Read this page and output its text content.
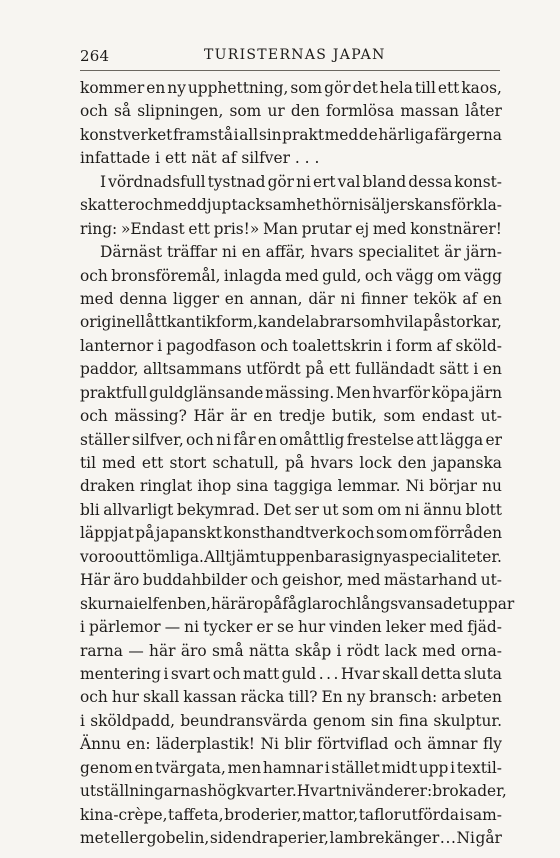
264	TURISTERNAS JAPAN
kommer en ny upphettning, som gör det hela till ett kaos,
och så slipningen, som ur den formlösa massan låter
konstverket framstå i all sin prakt med de härliga färgerna
infattade
i
ett
nät
af
silfver
.
.
.
I vördnadsfull tystnad gör ni ert val bland dessa konst-
skatter och med djup tacksamhet hör ni säljerskans förkla-
ring: »Endast ett pris!» Man prutar ej med konstnärer!
Därnäst träffar ni en affär, hvars specialitet är järn-
och bronsföremål, inlagda med guld, och vägg om vägg
med denna ligger en annan, där ni finner tekök af en
originell åttkantik form, kandelabrar som hvila på storkar,
lanternor i pagodfason och toalettskrin i form af sköld-
paddor, alltsammans utfördt på ett fulländadt sätt i en
praktfull guldglänsande mässing. Men hvarför köpa järn
och mässing? Här är en tredje butik, som endast ut-
ställer silfver, och ni får en omåttlig frestelse att lägga er
til med ett stort schatull, på hvars lock den japanska
draken ringlat ihop sina taggiga lemmar. Ni börjar nu
bli allvarligt bekymrad. Det ser ut som om ni ännu blott
läppjat på japanskt konsthandtverk och som om förråden
voro outtömliga. Alltjämt uppenbara sig nya specialiteter.
Här äro buddahbilder och geishor, med mästarhand ut-
skurna i elfenben, här äro påfåglar och långsvansade tuppar
i pärlemor — ni tycker er se hur vinden leker med fjäd-
rarna — här äro små nätta skåp i rödt lack med orna-
mentering i svart och matt guld . . . Hvar skall detta sluta
och hur skall kassan räcka till? En ny bransch: arbeten
i sköldpadd, beundransvärda genom sin fina skulptur.
Ännu en: läderplastik! Ni blir förtviflad och ämnar fly
genom en tvärgata, men hamnar i stället midt upp i textil-
utställningarnas högkvarter. Hvart ni vänder er: brokader,
kina-crèpe, taffeta, broderier, mattor, taflor utförda i sam-
met eller gobelin, sidendraperier, lambrekänger . . . Ni går
